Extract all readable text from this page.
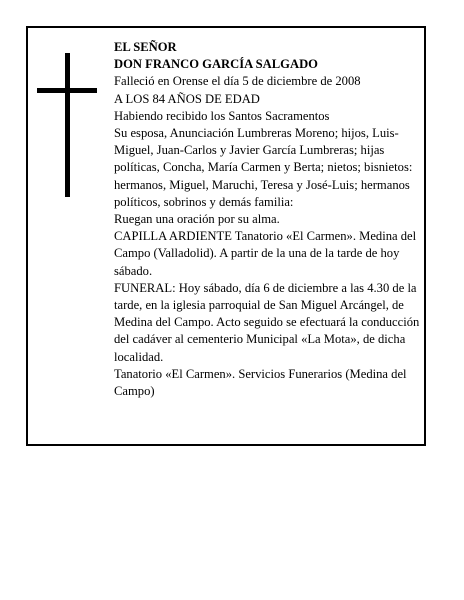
EL SEÑOR

DON FRANCO GARCÍA SALGADO

Falleció en Orense el día 5 de diciembre de 2008

A LOS 84 AÑOS DE EDAD

Habiendo recibido los Santos Sacramentos

Su esposa, Anunciación Lumbreras Moreno; hijos, Luis-Miguel, Juan-Carlos y Javier García Lumbreras; hijas políticas, Concha, María Carmen y Berta; nietos; bisnietos: hermanos, Miguel, Maruchi, Teresa y José-Luis; hermanos políticos, sobrinos y demás familia:

Ruegan una oración por su alma.

CAPILLA ARDIENTE Tanatorio «El Carmen». Medina del Campo (Valladolid). A partir de la una de la tarde de hoy sábado.

FUNERAL: Hoy sábado, día 6 de diciembre a las 4.30 de la tarde, en la iglesia parroquial de San Miguel Arcángel, de Medina del Campo. Acto seguido se efectuará la conducción del cadáver al cementerio Municipal «La Mota», de dicha localidad.

Tanatorio «El Carmen». Servicios Funerarios (Medina del Campo)
